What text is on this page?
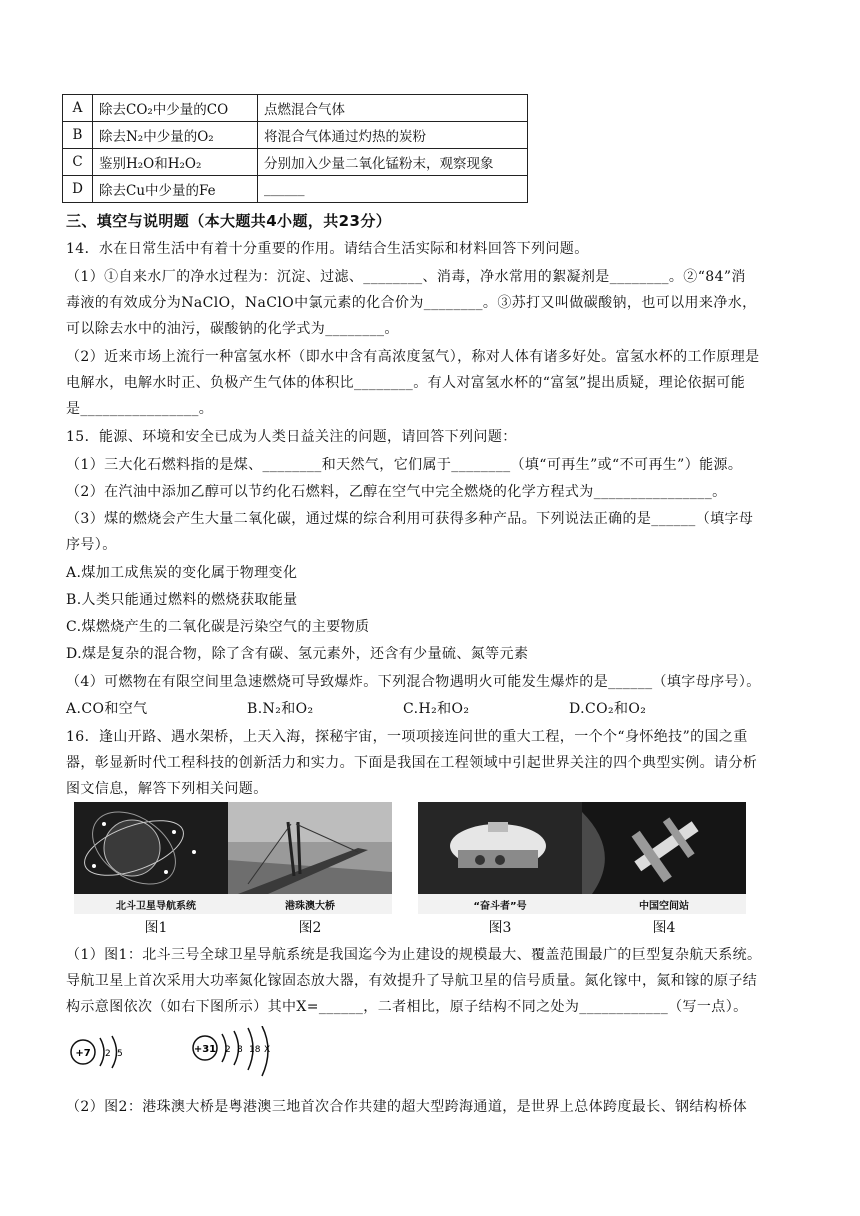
A	除去CO₂中少量的CO	点燃混合气体
B	除去N₂中少量的O₂	将混合气体通过灼热的炭粉
C	鉴别H₂O和H₂O₂	分别加入少量二氧化锰粉末，观察现象
D	除去Cu中少量的Fe	______
三、填空与说明题（本大题共4小题，共23分）
14．水在日常生活中有着十分重要的作用。请结合生活实际和材料回答下列问题。
（1）①自来水厂的净水过程为：沉淀、过滤、________、消毒，净水常用的絮凝剂是________。②“84”消
毒液的有效成分为NaClO，NaClO中氯元素的化合价为________。③苏打又叫做碳酸钠，也可以用来净水，
可以除去水中的油污，碳酸钠的化学式为________。
（2）近来市场上流行一种富氢水杯（即水中含有高浓度氢气），称对人体有诸多好处。富氢水杯的工作原理是
电解水，电解水时正、负极产生气体的体积比________。有人对富氢水杯的“富氢”提出质疑，理论依据可能
是________________。
15．能源、环境和安全已成为人类日益关注的问题，请回答下列问题：
（1）三大化石燃料指的是煤、________和天然气，它们属于________（填“可再生”或“不可再生”）能源。
（2）在汽油中添加乙醇可以节约化石燃料，乙醇在空气中完全燃烧的化学方程式为________________。
（3）煤的燃烧会产生大量二氧化碳，通过煤的综合利用可获得多种产品。下列说法正确的是______（填字母
序号）。
A.煤加工成焦炭的变化属于物理变化
B.人类只能通过燃料的燃烧获取能量
C.煤燃烧产生的二氧化碳是污染空气的主要物质
D.煤是复杂的混合物，除了含有碳、氢元素外，还含有少量硫、氮等元素
（4）可燃物在有限空间里急速燃烧可导致爆炸。下列混合物遇明火可能发生爆炸的是______（填字母序号）。
A.CO和空气	B.N₂和O₂	C.H₂和O₂	D.CO₂和O₂
16．逢山开路、遇水架桥，上天入海，探秘宇宙，一项项接连问世的重大工程，一个个“身怀绝技”的国之重
器，彰显新时代工程科技的创新活力和实力。下面是我国在工程领域中引起世界关注的四个典型实例。请分析
图文信息，解答下列相关问题。
北斗卫星导航系统	港珠澳大桥	“奋斗者”号	中国空间站
图1	图2	图3	图4
（1）图1：北斗三号全球卫星导航系统是我国迄今为止建设的规模最大、覆盖范围最广的巨型复杂航天系统。
导航卫星上首次采用大功率氮化镓固态放大器，有效提升了导航卫星的信号质量。氮化镓中，氮和镓的原子结
构示意图依次（如右下图所示）其中X=______，二者相比，原子结构不同之处为____________（写一点）。
+7 2 5	+31 2 8 18 X
（2）图2：港珠澳大桥是粤港澳三地首次合作共建的超大型跨海通道，是世界上总体跨度最长、钢结构桥体
